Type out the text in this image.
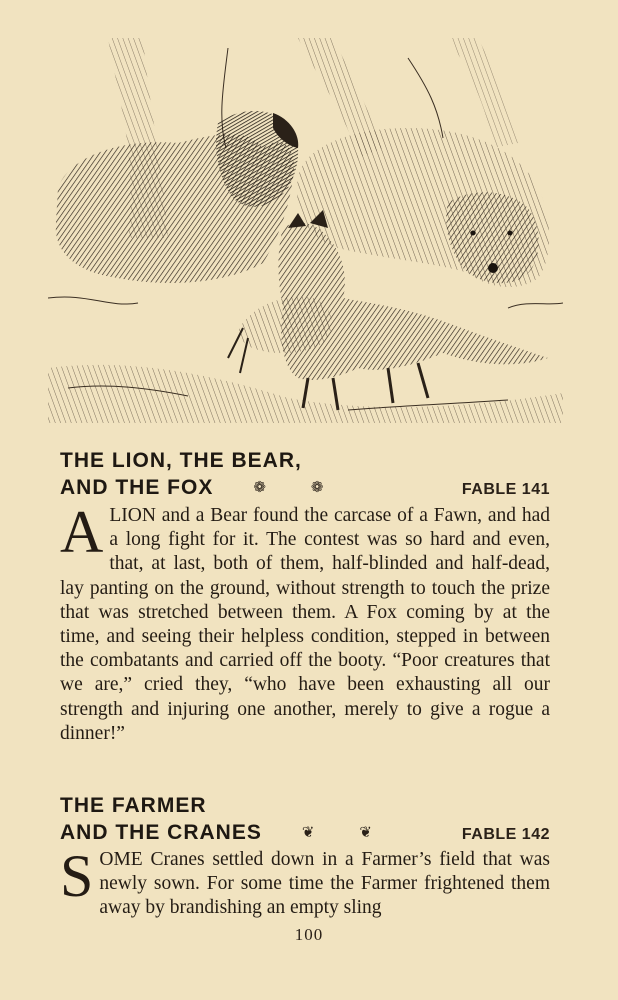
THE LION, THE BEAR,
AND THE FOX	❁	❁	FABLE 141
ALION and a Bear found the carcase of a Fawn, and had a long fight for it. The contest was so hard and even, that, at last, both of them, half-blinded and half-dead, lay panting on the ground, without strength to touch the prize that was stretched between them. A Fox coming by at the time, and seeing their helpless condition, stepped in between the combatants and carried off the booty. “Poor creatures that we are,” cried they, “who have been exhausting all our strength and injuring one another, merely to give a rogue a dinner!”
THE FARMER
AND THE CRANES	❦	❦	FABLE 142
SOME Cranes settled down in a Farmer’s field that was newly sown. For some time the Farmer frightened them away by brandishing an empty sling
100
